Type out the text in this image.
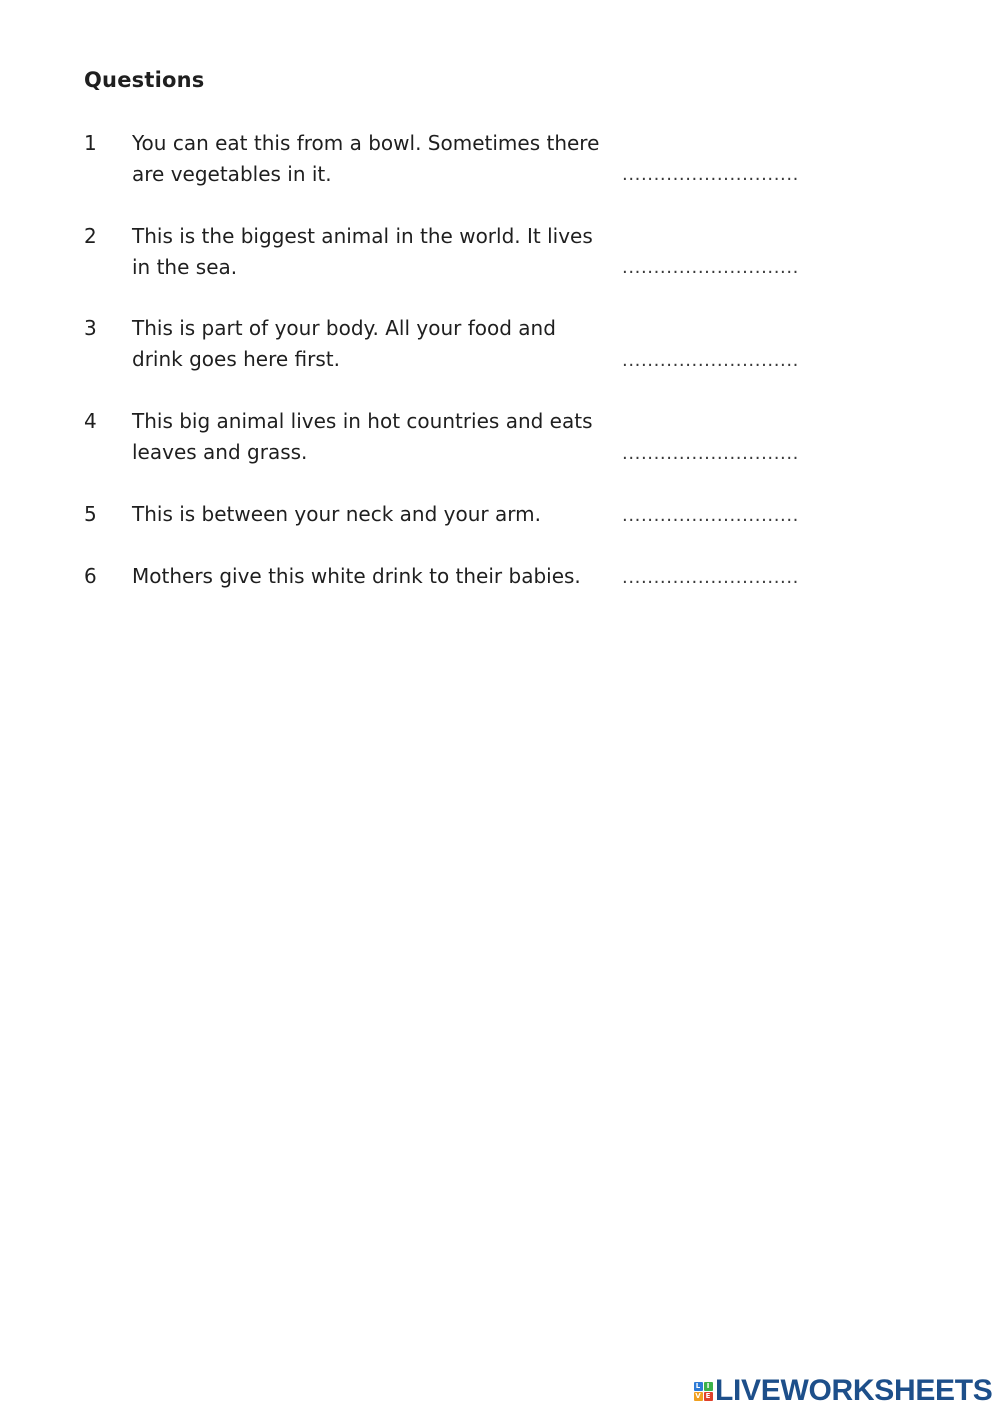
Questions
1 You can eat this from a bowl. Sometimes there
are vegetables in it.	............................
2 This is the biggest animal in the world. It lives
in the sea.	............................
3 This is part of your body. All your food and
drink goes here first.	............................
4 This big animal lives in hot countries and eats
leaves and grass.	............................
5 This is between your neck and your arm.	............................
6 Mothers give this white drink to their babies.	............................
L I
V E LIVEWORKSHEETS
